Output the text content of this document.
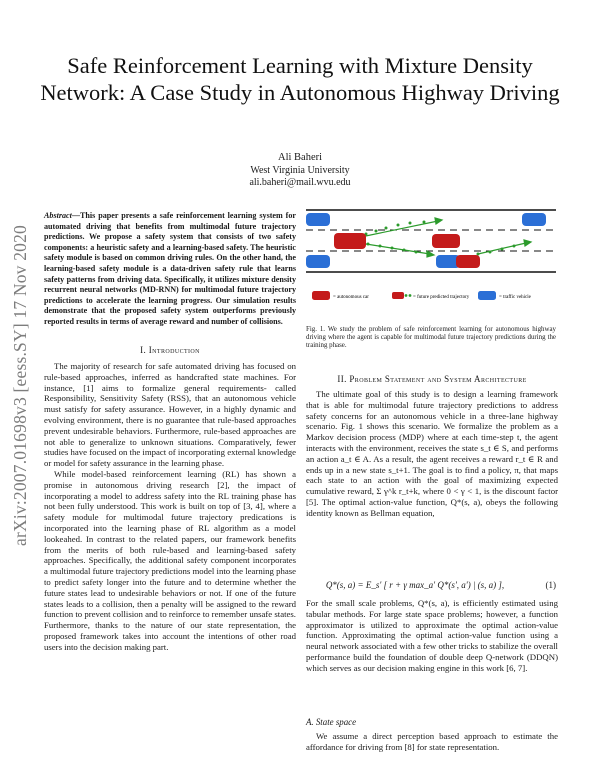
arXiv:2007.01698v3 [eess.SY] 17 Nov 2020
Safe Reinforcement Learning with Mixture Density Network: A Case Study in Autonomous Highway Driving
Ali Baheri
West Virginia University
ali.baheri@mail.wvu.edu
Abstract—This paper presents a safe reinforcement learning system for automated driving that benefits from multimodal future trajectory predictions. We propose a safety system that consists of two safety components: a heuristic safety and a learning-based safety. The heuristic safety module is based on common driving rules. On the other hand, the learning-based safety module is a data-driven safety rule that learns safety patterns from driving data. Specifically, it utilizes mixture density recurrent neural networks (MD-RNN) for multimodal future trajectory predictions to accelerate the learning progress. Our simulation results demonstrate that the proposed safety system outperforms previously reported results in terms of average reward and number of collisions.
I. Introduction

The majority of research for safe automated driving has focused on rule-based approaches, inferred as handcrafted state machines. For instance, [1] aims to formalize general requirements- called Responsibility, Sensitivity Safety (RSS), that an autonomous vehicle must satisfy for safety assurance. However, in a highly dynamic and evolving environment, there is no guarantee that rule-based approaches prevent undesirable behaviors. Furthermore, rule-based approaches are not able to generalize to unknown situations. Comparatively, fewer studies have focused on the impact of incorporating external knowledge or model for safety assurance in the learning phase.

While model-based reinforcement learning (RL) has shown a promise in autonomous driving research [2], the impact of incorporating a model to address safety into the RL training phase has not been fully understood. This work is built on top of [3, 4], where a safety module for multimodal future trajectory predications is incorporated into the learning phase of RL algorithm as a model lookeahed. In contrast to the related papers, our framework benefits from the merits of both rule-based and learning-based safety approaches. Specifically, the additional safety component incorporates a multimodal future trajectory predictions model into the learning phase to predict safety longer into the future and to determine whether the future states lead to undesirable behaviors or not. If one of the future states leads to a collision, then a penalty will be assigned to the reward function to prevent collision and to reinforce to remember unsafe states. Furthermore, thanks to the nature of our state representation, the proposed framework takes into account the intentions of other road users into the decision making part.

= autonomous car	= future predicted trajectory	= traffic vehicle
Fig. 1. We study the problem of safe reinforcement learning for autonomous highway driving where the agent is capable for multimodal future trajectory predictions during the training phase.
II. Problem Statement and System Architecture

The ultimate goal of this study is to design a learning framework that is able for multimodal future trajectory predictions to address safety concerns for an autonomous vehicle in a three-lane highway scenario. Fig. 1 shows this scenario. We formalize the problem as a Markov decision process (MDP) where at each time-step t, the agent interacts with the environment, receives the state s_t ∈ S, and performs an action a_t ∈ A. As a result, the agent receives a reward r_t ∈ R and ends up in a new state s_t+1. The goal is to find a policy, π, that maps each state to an action with the goal of maximizing expected cumulative reward, Σ γ^k r_t+k, where 0 < γ < 1, is the discount factor [5]. The optimal action-value function, Q*(s, a), obeys the following identity known as Bellman equation,

Q*(s, a) = E_s' [ r + γ max_a' Q*(s', a') | (s, a) ],	(1)

For the small scale problems, Q*(s, a), is efficiently estimated using tabular methods. For large state space problems; however, a function approximator is utilized to approximate the optimal action-value function. Approximating the optimal action-value function using a neural network associated with a few other tricks to stabilize the overall performance build the foundation of double deep Q-network (DDQN) which serves as our decision making engine in this work [6, 7].

A. State space

We assume a direct perception based approach to estimate the affordance for driving from [8] for state representation.
